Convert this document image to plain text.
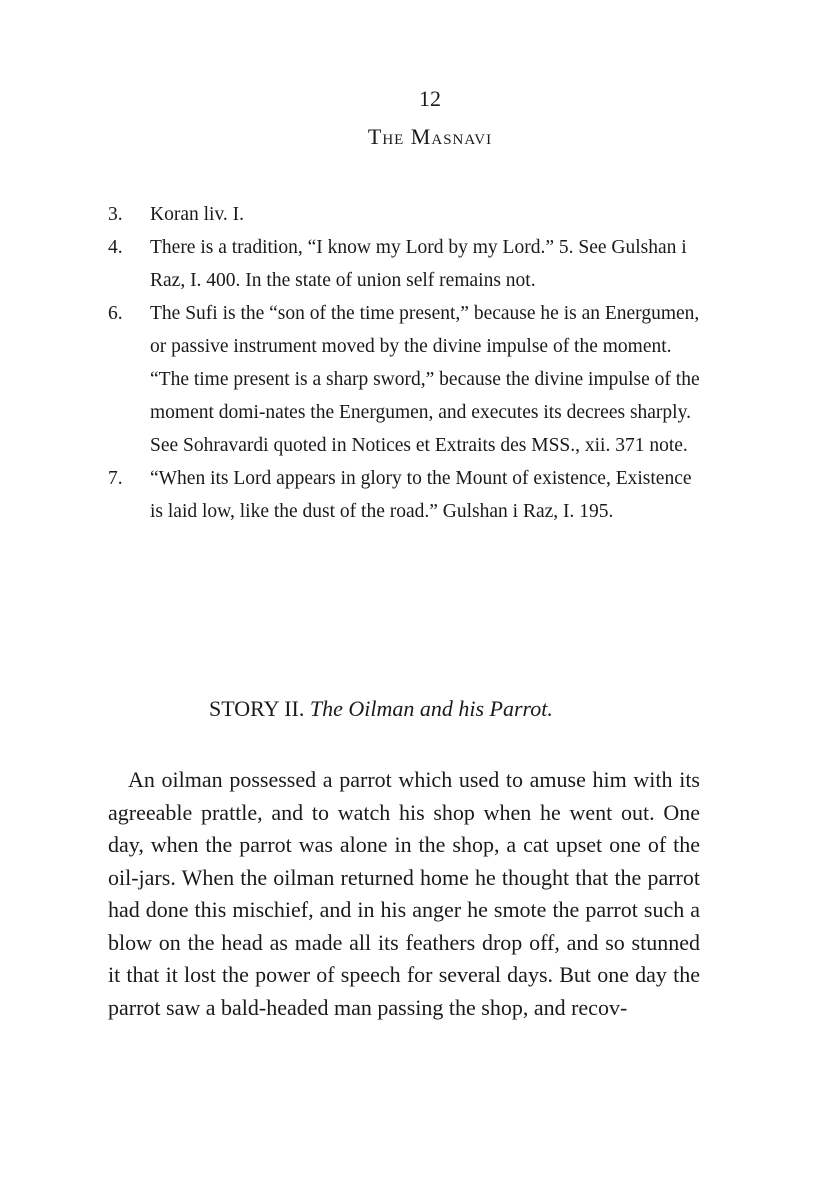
12
The Masnavi
3. Koran liv. I.
4. There is a tradition, “I know my Lord by my Lord.” 5. See Gulshan i Raz, I. 400. In the state of union self remains not.
6. The Sufi is the “son of the time present,” because he is an Energumen, or passive instrument moved by the divine impulse of the moment. “The time present is a sharp sword,” because the divine impulse of the moment domi-nates the Energumen, and executes its decrees sharply. See Sohravardi quoted in Notices et Extraits des MSS., xii. 371 note.
7. “When its Lord appears in glory to the Mount of existence, Existence is laid low, like the dust of the road.” Gulshan i Raz, I. 195.
STORY II. The Oilman and his Parrot.

An oilman possessed a parrot which used to amuse him with its agreeable prattle, and to watch his shop when he went out. One day, when the parrot was alone in the shop, a cat upset one of the oil-jars. When the oilman returned home he thought that the parrot had done this mischief, and in his anger he smote the parrot such a blow on the head as made all its feathers drop off, and so stunned it that it lost the power of speech for several days. But one day the parrot saw a bald-headed man passing the shop, and recov-
